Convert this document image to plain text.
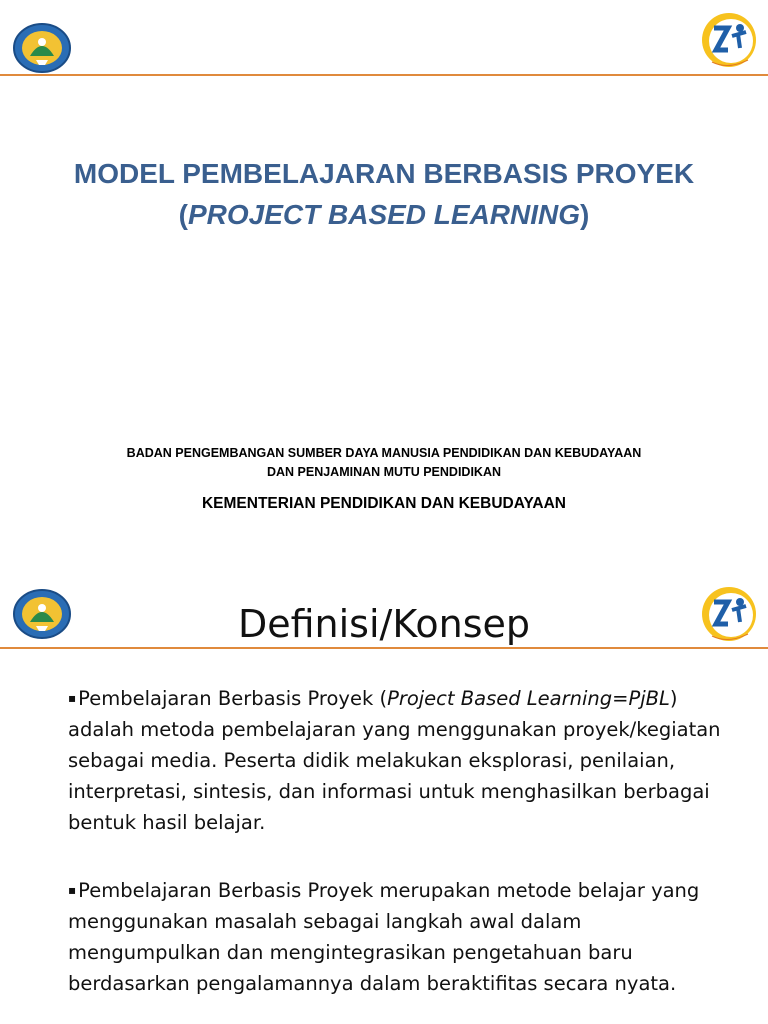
MODEL PEMBELAJARAN BERBASIS PROYEK
(PROJECT BASED LEARNING)
BADAN PENGEMBANGAN SUMBER DAYA MANUSIA PENDIDIKAN DAN KEBUDAYAAN
DAN PENJAMINAN MUTU PENDIDIKAN
KEMENTERIAN PENDIDIKAN DAN KEBUDAYAAN
Definisi/Konsep
▪ Pembelajaran Berbasis Proyek (Project Based Learning=PjBL) adalah metoda pembelajaran yang menggunakan proyek/kegiatan sebagai media. Peserta didik melakukan eksplorasi, penilaian, interpretasi, sintesis, dan informasi untuk menghasilkan berbagai bentuk hasil belajar.
▪ Pembelajaran Berbasis Proyek merupakan metode belajar yang menggunakan masalah sebagai langkah awal dalam mengumpulkan dan mengintegrasikan pengetahuan baru berdasarkan pengalamannya dalam beraktifitas secara nyata.
